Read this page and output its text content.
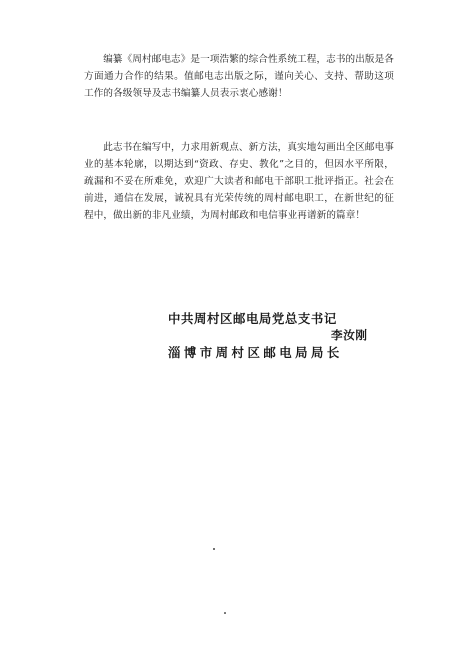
编纂《周村邮电志》是一项浩繁的综合性系统工程，志书的出版是各方面通力合作的结果。值邮电志出版之际，谨向关心、支持、帮助这项工作的各级领导及志书编纂人员表示衷心感谢！

此志书在编写中，力求用新观点、新方法，真实地勾画出全区邮电事业的基本轮廓，以期达到“资政、存史、教化”之目的，但因水平所限，疏漏和不妥在所难免，欢迎广大读者和邮电干部职工批评指正。社会在前进，通信在发展，诚祝具有光荣传统的周村邮电职工，在新世纪的征程中，做出新的非凡业绩，为周村邮政和电信事业再谱新的篇章！

中共周村区邮电局党总支书记
李汝刚
淄博市周村区邮电局局长
